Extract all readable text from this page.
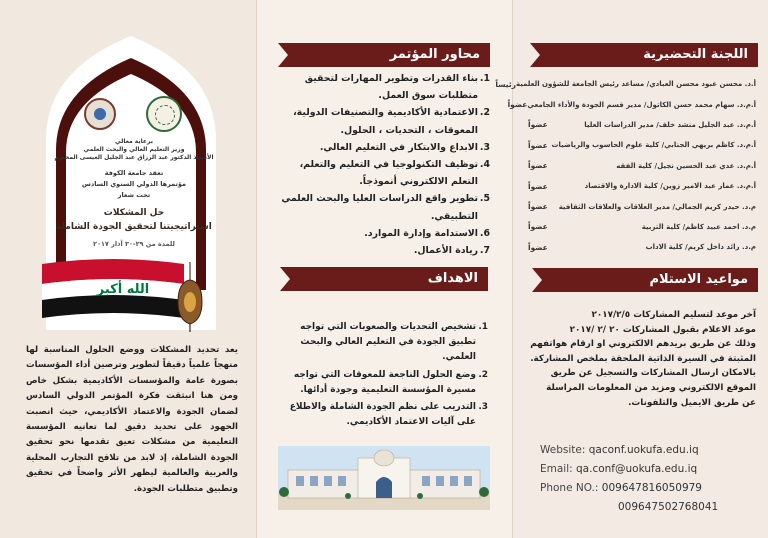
اللجنة التحضيرية
أ.د. محسن عبود محسن العبادي/ مساعد رئيس الجامعة للشؤون العلمية
رئيساً
أ.م.د. سهام محمد حسن الكاتول/ مدير قسم الجودة والأداء الجامعي
عضواً
أ.م.د. عبد الجليل منشد خلف/ مدير الدراسات العليا
عضواً
أ.م.د. كاظم بريهي الجنابي/ كلية علوم الحاسوب والرياضيات
عضواً
أ.م.د. عدي عبد الحسين نجيل/ كلية الفقه
عضواً
أ.م.د. عمار عبد الامير زوين/ كلية الادارة والاقتصاد
عضواً
م.د. حيدر كريم الجمالي/ مدير العلاقات والعلاقات الثقافية
عضواً
م.د. احمد عبيد كاظم/ كلية التربية
عضواً
م.د. رائد داخل كريم/ كلية الاداب
عضواً
مواعيد الاستلام
آخر موعد لتسليم المشاركات ٢٠١٧/٢/٥
موعد الاعلام بقبول المشاركات ٢٠ /٢ /٢٠١٧
وذلك عن طريق بريدهم الالكتروني او ارقام هواتفهم المثبتة في السيرة الذاتية الملحقة بملخص المشاركة.
بالامكان ارسال المشاركات والتسجيل عن طريق الموقع الالكتروني ومزيد من المعلومات المراسلة عن طريق الايميل والتلفونات.
Website: qaconf.uokufa.edu.iq
Email: qa.conf@uokufa.edu.iq
Phone NO.: 009647816050979
009647502768041
محاور المؤتمر
1.
بناء القدرات وتطوير المهارات لتحقيق متطلبات سوق العمل.
2.
الاعتمادية الأكاديمية والتصنيفات الدولية، المعوقات ، التحديات ، الحلول.
3.
الابداع والابتكار في التعليم العالي.
4.
توظيف التكنولوجيا في التعليم والتعلم، التعلم الالكتروني أنموذجاً.
5.
تطوير واقع الدراسات العليا والبحث العلمي التطبيقي.
6.
الاستدامة وإدارة الموارد.
7.
ريادة الأعمال.
الاهداف
1.
تشخيص التحديات والصعوبات التي تواجه تطبيق الجودة في التعليم العالي والبحث العلمي.
2.
وضع الحلول الناجعة للمعوقات التي تواجه مسيرة المؤسسة التعليمية وجودة أدائها.
3.
التدريب على نظم الجودة الشاملة والاطلاع على آليات الاعتماد الأكاديمي.
برعاية معالي
وزير التعليم العالي والبحث العلمي
الأستاذ الدكتور عبد الرزاق عبد الجليل العيسى المحترم
تعقد جامعة الكوفة
مؤتمرها الدولي السنوي السادس
تحت شعار
حل المشكلات
استراتيجيتنا لتحقيق الجودة الشاملة
للمدة من ٢٩-٣٠ آذار ٢٠١٧
الله أكبر
يعد تحديد المشكلات ووضع الحلول المناسبة لها منهجاً علمياً دقيقاً لتطوير وترصين أداء المؤسسات بصورة عامة والمؤسسات الأكاديمية بشكل خاص ومن هنا انبثقت فكرة المؤتمر الدولي السادس لضمان الجودة والاعتماد الأكاديمي، حيث انصبت الجهود على تحديد دقيق لما تعانيه المؤسسة التعليمية من مشكلات تعيق تقدمها نحو تحقيق الجودة الشاملة، إذ لابد من تلاقح التجارب المحلية والعربية والعالمية ليظهر الأثر واضحاً في تحقيق وتطبيق متطلبات الجودة.
